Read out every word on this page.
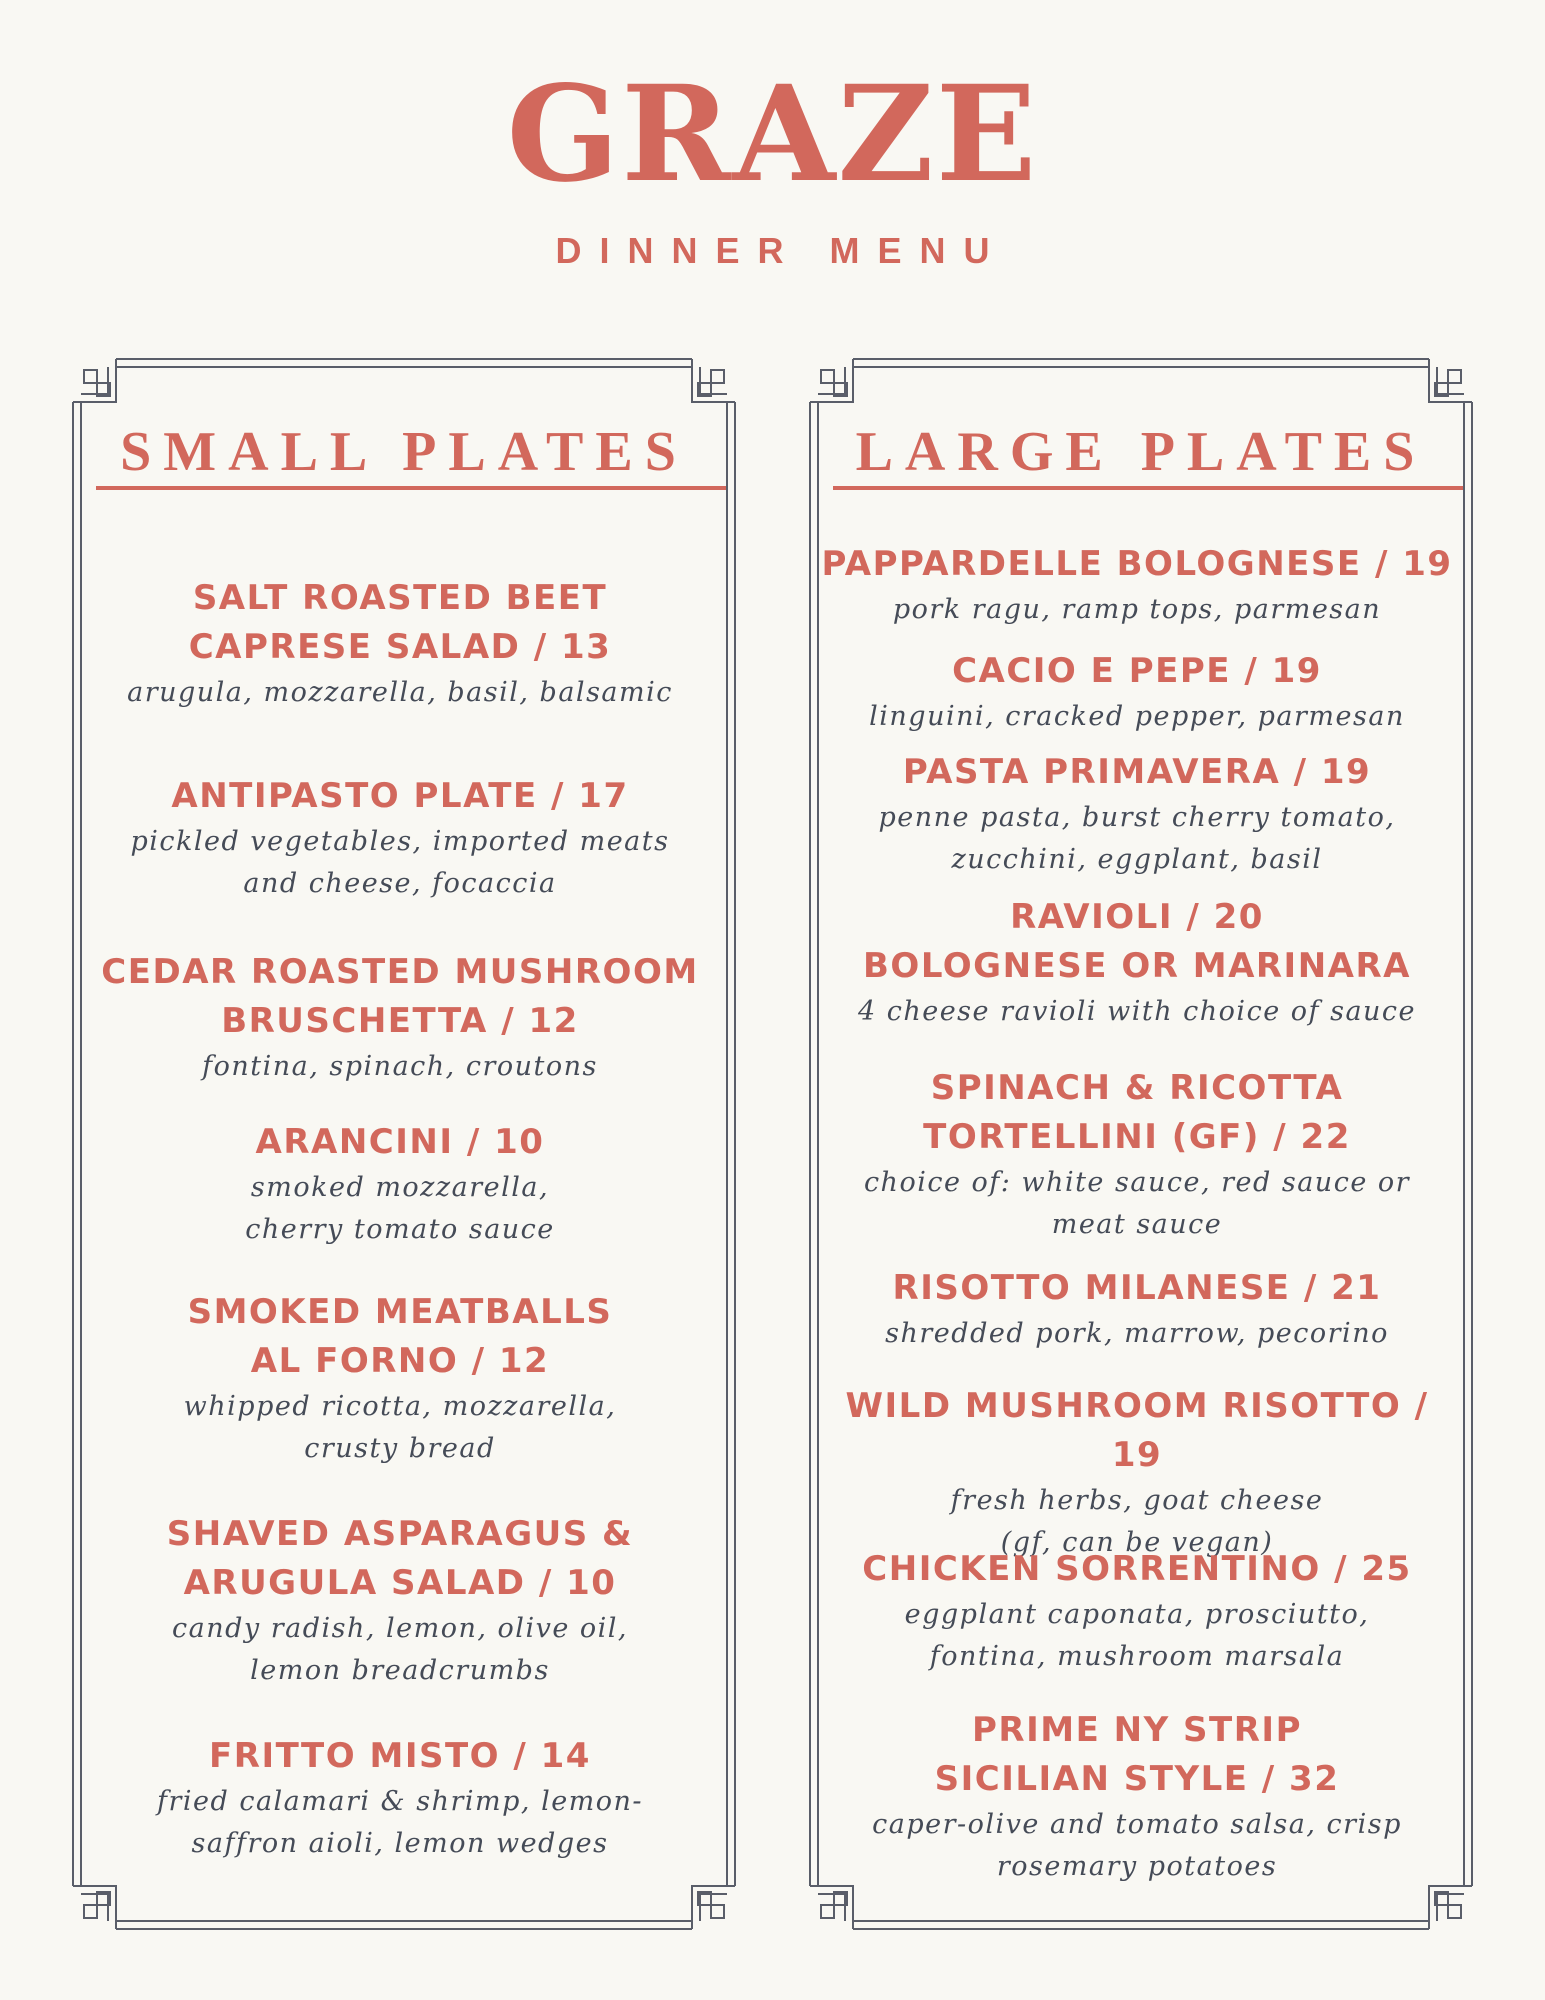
GRAZE
DINNER MENU
SMALL PLATES
SALT ROASTED BEET
CAPRESE SALAD / 13
arugula, mozzarella, basil, balsamic
ANTIPASTO PLATE / 17
pickled vegetables, imported meats
and cheese, focaccia
CEDAR ROASTED MUSHROOM
BRUSCHETTA / 12
fontina, spinach, croutons
ARANCINI / 10
smoked mozzarella,
cherry tomato sauce
SMOKED MEATBALLS
AL FORNO / 12
whipped ricotta, mozzarella,
crusty bread
SHAVED ASPARAGUS &
ARUGULA SALAD / 10
candy radish, lemon, olive oil,
lemon breadcrumbs
FRITTO MISTO / 14
fried calamari & shrimp, lemon-
saffron aioli, lemon wedges
LARGE PLATES
PAPPARDELLE BOLOGNESE / 19
pork ragu, ramp tops, parmesan
CACIO E PEPE / 19
linguini, cracked pepper, parmesan
PASTA PRIMAVERA / 19
penne pasta, burst cherry tomato,
zucchini, eggplant, basil
RAVIOLI / 20
BOLOGNESE OR MARINARA
4 cheese ravioli with choice of sauce
SPINACH & RICOTTA
TORTELLINI (GF) / 22
choice of: white sauce, red sauce or
meat sauce
RISOTTO MILANESE / 21
shredded pork, marrow, pecorino
WILD MUSHROOM RISOTTO / 19
fresh herbs, goat cheese
(gf, can be vegan)
CHICKEN SORRENTINO / 25
eggplant caponata, prosciutto,
fontina, mushroom marsala
PRIME NY STRIP
SICILIAN STYLE / 32
caper-olive and tomato salsa, crisp
rosemary potatoes
